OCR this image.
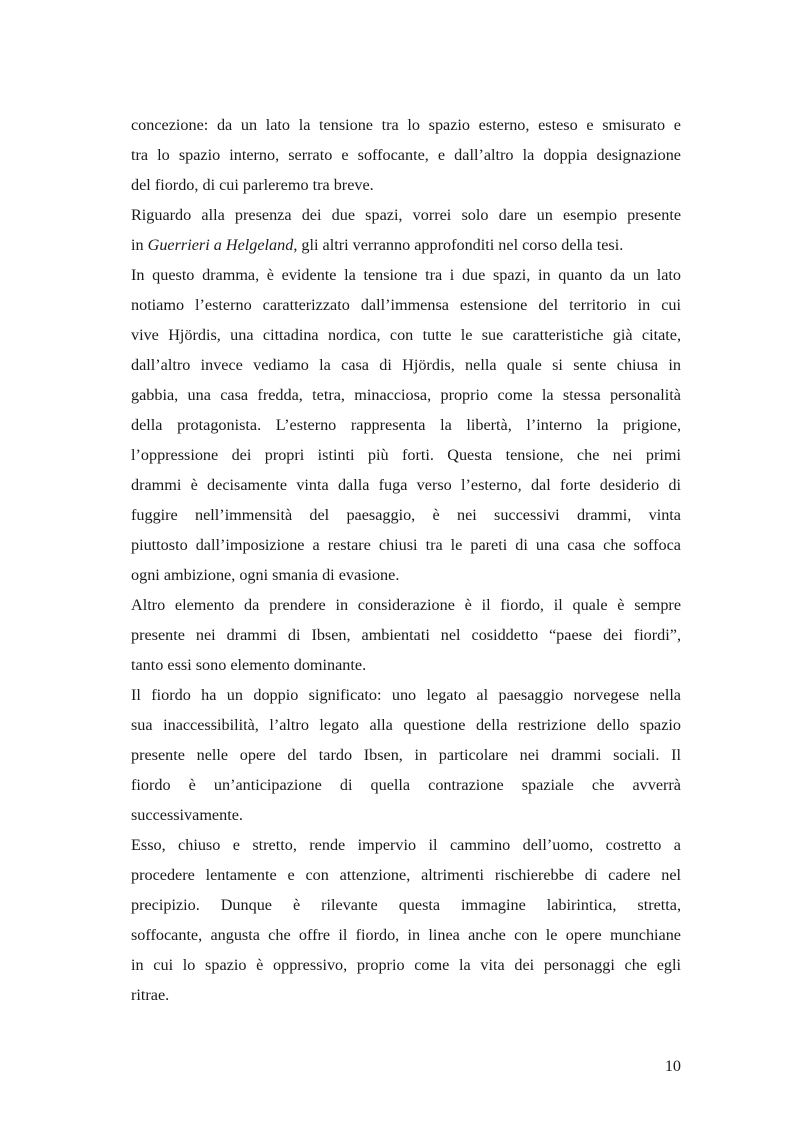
concezione: da un lato la tensione tra lo spazio esterno, esteso e smisurato e
tra lo spazio interno, serrato e soffocante, e dall’altro la doppia designazione
del fiordo, di cui parleremo tra breve.

Riguardo alla presenza dei due spazi, vorrei solo dare un esempio presente
in Guerrieri a Helgeland, gli altri verranno approfonditi nel corso della tesi.

In questo dramma, è evidente la tensione tra i due spazi, in quanto da un lato
notiamo l’esterno caratterizzato dall’immensa estensione del territorio in cui
vive Hjördis, una cittadina nordica, con tutte le sue caratteristiche già citate,
dall’altro invece vediamo la casa di Hjördis, nella quale si sente chiusa in
gabbia, una casa fredda, tetra, minacciosa, proprio come la stessa personalità
della protagonista. L’esterno rappresenta la libertà, l’interno la prigione,
l’oppressione dei propri istinti più forti. Questa tensione, che nei primi
drammi è decisamente vinta dalla fuga verso l’esterno, dal forte desiderio di
fuggire nell’immensità del paesaggio, è nei successivi drammi, vinta
piuttosto dall’imposizione a restare chiusi tra le pareti di una casa che soffoca
ogni ambizione, ogni smania di evasione.

Altro elemento da prendere in considerazione è il fiordo, il quale è sempre
presente nei drammi di Ibsen, ambientati nel cosiddetto “paese dei fiordi”,
tanto essi sono elemento dominante.

Il fiordo ha un doppio significato: uno legato al paesaggio norvegese nella
sua inaccessibilità, l’altro legato alla questione della restrizione dello spazio
presente nelle opere del tardo Ibsen, in particolare nei drammi sociali. Il
fiordo è un’anticipazione di quella contrazione spaziale che avverrà
successivamente.

Esso, chiuso e stretto, rende impervio il cammino dell’uomo, costretto a
procedere lentamente e con attenzione, altrimenti rischierebbe di cadere nel
precipizio. Dunque è rilevante questa immagine labirintica, stretta,
soffocante, angusta che offre il fiordo, in linea anche con le opere munchiane
in cui lo spazio è oppressivo, proprio come la vita dei personaggi che egli
ritrae.

10
